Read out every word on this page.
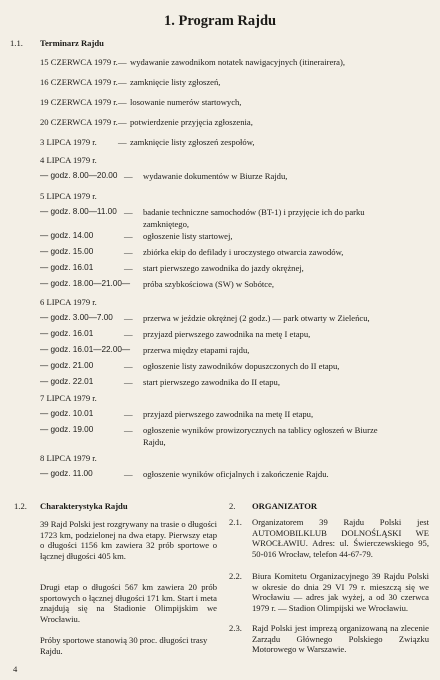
1. Program Rajdu
1.1. Terminarz Rajdu
15 CZERWCA 1979 r. — wydawanie zawodnikom notatek nawigacyjnych (itinerairera),
16 CZERWCA 1979 r. — zamknięcie listy zgłoszeń,
19 CZERWCA 1979 r. — losowanie numerów startowych,
20 CZERWCA 1979 r. — potwierdzenie przyjęcia zgłoszenia,
3 LIPCA 1979 r. — zamknięcie listy zgłoszeń zespołów,
4 LIPCA 1979 r.
— godz. 8.00—20.00 — wydawanie dokumentów w Biurze Rajdu,
5 LIPCA 1979 r.
— godz. 8.00—11.00 — badanie techniczne samochodów (BT-1) i przyjęcie ich do parku
zamkniętego,
— godz. 14.00	— ogłoszenie listy startowej,
— godz. 15.00	— zbiórka ekip do defilady i uroczystego otwarcia zawodów,
— godz. 16.01	— start pierwszego zawodnika do jazdy okrężnej,
— godz. 18.00—21.00— próba szybkościowa (SW) w Sobótce,
6 LIPCA 1979 r.
— godz. 3.00—7.00 — przerwa w jeździe okrężnej (2 godz.) — park otwarty w Zieleńcu,
— godz. 16.01	— przyjazd pierwszego zawodnika na metę I etapu,
— godz. 16.01—22.00— przerwa między etapami rajdu,
— godz. 21.00	— ogłoszenie listy zawodników dopuszczonych do II etapu,
— godz. 22.01	— start pierwszego zawodnika do II etapu,
7 LIPCA 1979 r.
— godz. 10.01	— przyjazd pierwszego zawodnika na metę II etapu,
— godz. 19.00	— ogłoszenie wyników prowizorycznych na tablicy ogłoszeń w Biurze
Rajdu,
8 LIPCA 1979 r.
— godz. 11.00	— ogłoszenie wyników oficjalnych i zakończenie Rajdu.
1.2. Charakterystyka Rajdu
39 Rajd Polski jest rozgrywany na trasie o długości 1723 km, podzielonej na dwa etapy. Pierwszy etap o długości 1156 km zawiera 32 prób sportowe o łącznej długości 405 km.
Drugi etap o długości 567 km zawiera 20 prób sportowych o łącznej długości 171 km. Start i meta znajdują się na Stadionie Olimpijskim we Wrocławiu.
Próby sportowe stanowią 30 proc. długości trasy Rajdu.
2. ORGANIZATOR
2.1. Organizatorem 39 Rajdu Polski jest AUTOMOBILKLUB DOLNOŚLĄSKI WE WROCŁAWIU. Adres: ul. Świerczewskiego 95, 50-016 Wrocław, telefon 44-67-79.
2.2. Biura Komitetu Organizacyjnego 39 Rajdu Polski w okresie do dnia 29 VI 79 r. mieszczą się we Wrocławiu — adres jak wyżej, a od 30 czerwca 1979 r. — Stadion Olimpijski we Wrocławiu.
2.3. Rajd Polski jest imprezą organizowaną na zlecenie Zarządu Głównego Polskiego Związku Motorowego w Warszawie.
4
